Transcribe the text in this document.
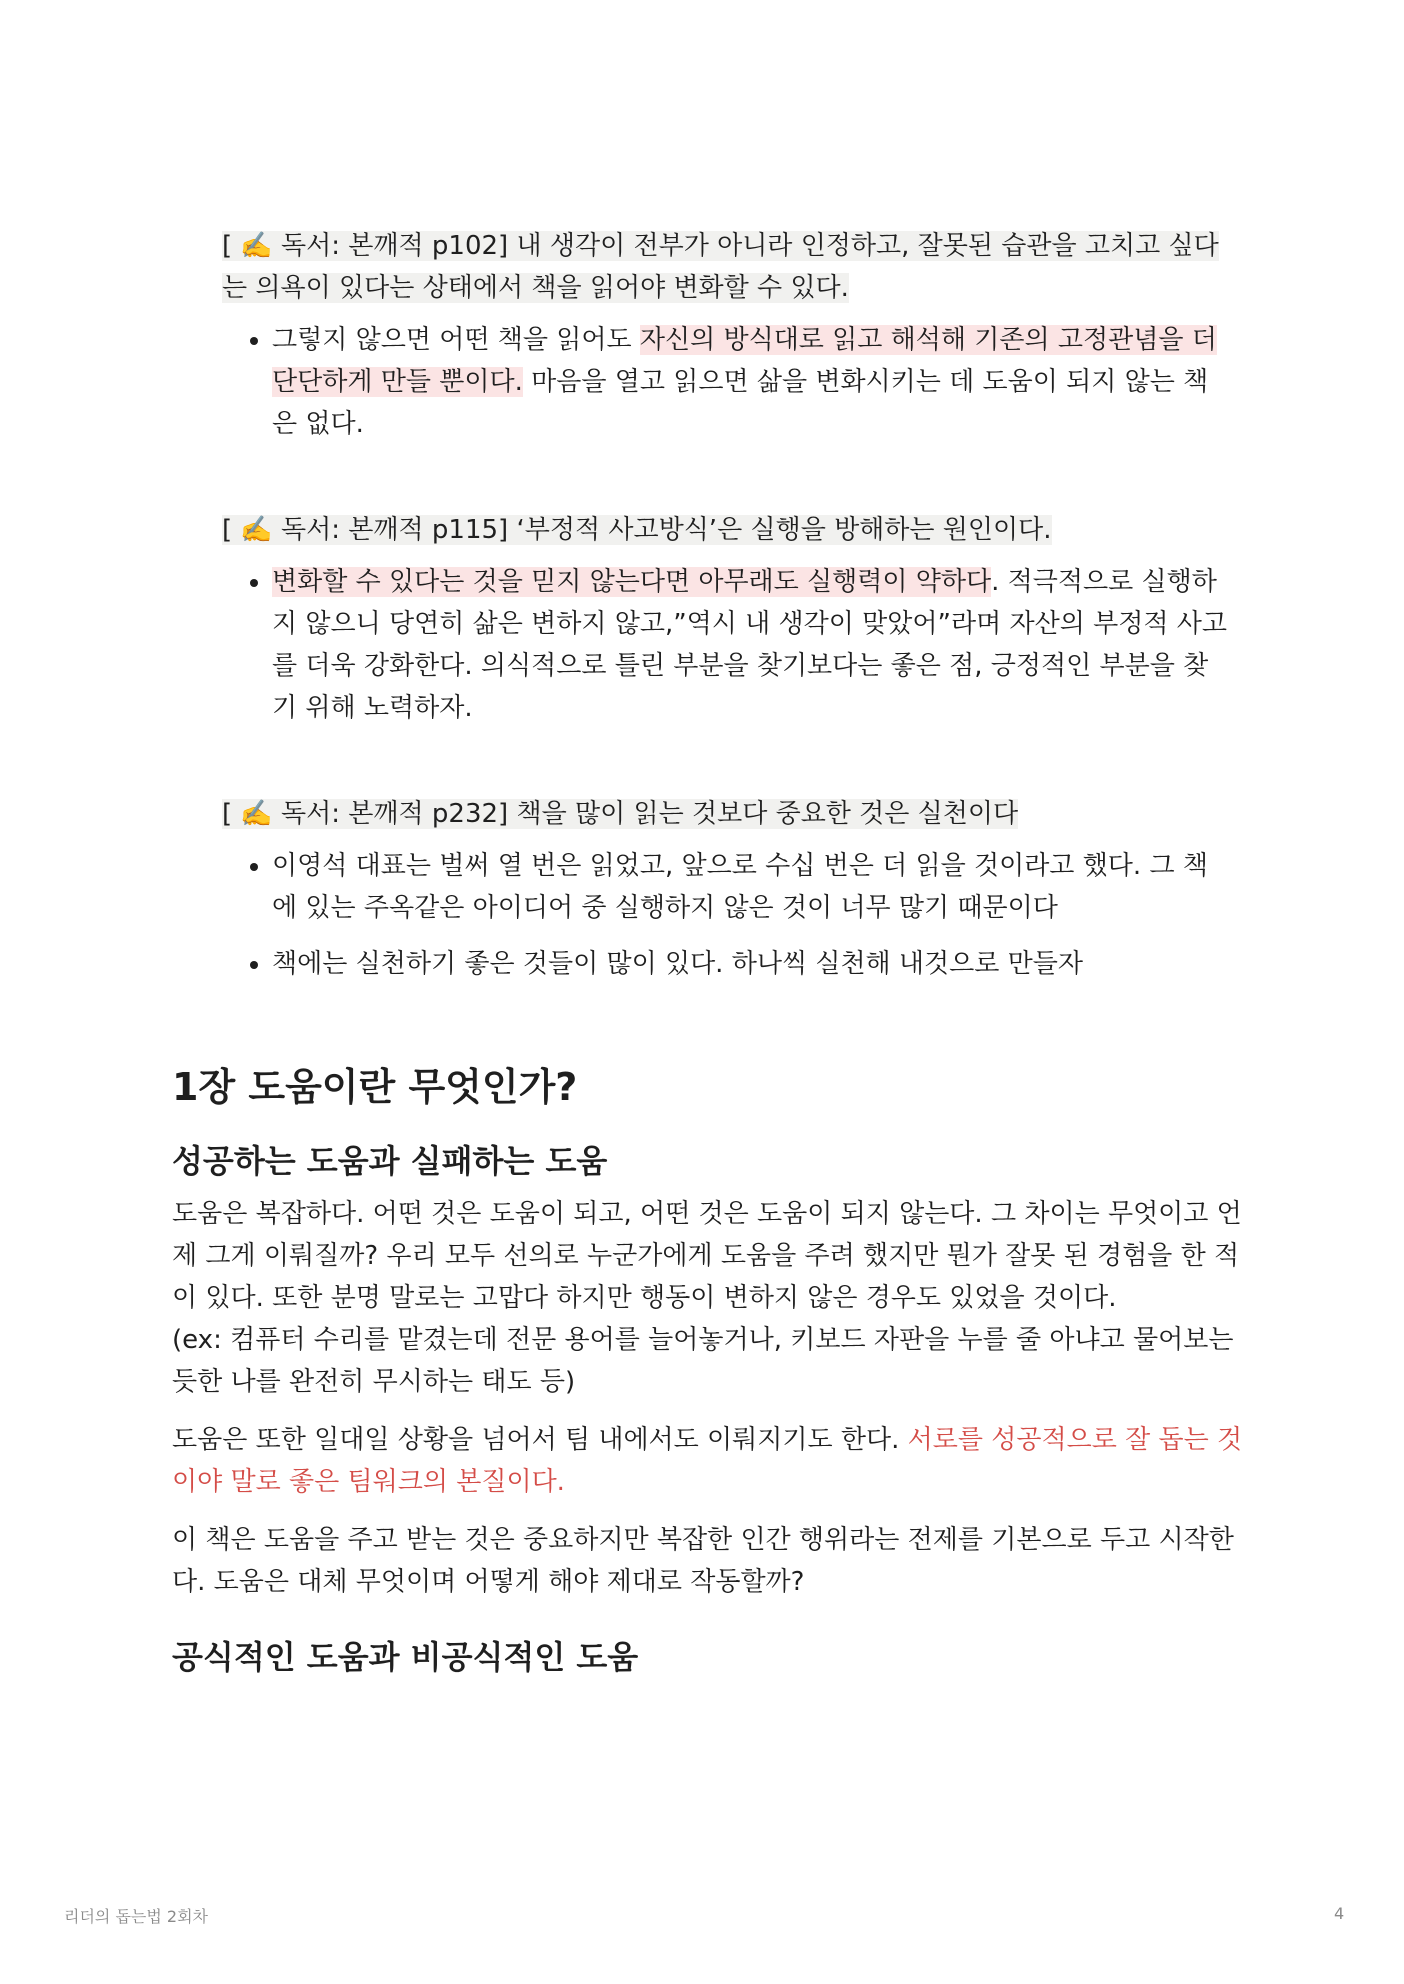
[ ✍️ 독서: 본깨적 p102] 내 생각이 전부가 아니라 인정하고, 잘못된 습관을 고치고 싶다는 의욕이 있다는 상태에서 책을 읽어야 변화할 수 있다.
• 그렇지 않으면 어떤 책을 읽어도 자신의 방식대로 읽고 해석해 기존의 고정관념을 더 단단하게 만들 뿐이다. 마음을 열고 읽으면 삶을 변화시키는 데 도움이 되지 않는 책은 없다.
[ ✍️ 독서: 본깨적 p115] ‘부정적 사고방식’은 실행을 방해하는 원인이다.
• 변화할 수 있다는 것을 믿지 않는다면 아무래도 실행력이 약하다. 적극적으로 실행하지 않으니 당연히 삶은 변하지 않고,”역시 내 생각이 맞았어”라며 자산의 부정적 사고를 더욱 강화한다. 의식적으로 틀린 부분을 찾기보다는 좋은 점, 긍정적인 부분을 찾기 위해 노력하자.
[ ✍️ 독서: 본깨적 p232] 책을 많이 읽는 것보다 중요한 것은 실천이다
• 이영석 대표는 벌써 열 번은 읽었고, 앞으로 수십 번은 더 읽을 것이라고 했다. 그 책에 있는 주옥같은 아이디어 중 실행하지 않은 것이 너무 많기 때문이다
• 책에는 실천하기 좋은 것들이 많이 있다. 하나씩 실천해 내것으로 만들자
1장 도움이란 무엇인가?
성공하는 도움과 실패하는 도움

도움은 복잡하다. 어떤 것은 도움이 되고, 어떤 것은 도움이 되지 않는다. 그 차이는 무엇이고 언제 그게 이뤄질까? 우리 모두 선의로 누군가에게 도움을 주려 했지만 뭔가 잘못 된 경험을 한 적이 있다. 또한 분명 말로는 고맙다 하지만 행동이 변하지 않은 경우도 있었을 것이다.
(ex: 컴퓨터 수리를 맡겼는데 전문 용어를 늘어놓거나, 키보드 자판을 누를 줄 아냐고 물어보는 듯한 나를 완전히 무시하는 태도 등)

도움은 또한 일대일 상황을 넘어서 팀 내에서도 이뤄지기도 한다. 서로를 성공적으로 잘 돕는 것이야 말로 좋은 팀워크의 본질이다.

이 책은 도움을 주고 받는 것은 중요하지만 복잡한 인간 행위라는 전제를 기본으로 두고 시작한다. 도움은 대체 무엇이며 어떻게 해야 제대로 작동할까?

공식적인 도움과 비공식적인 도움
리더의 돕는법 2회차	4
